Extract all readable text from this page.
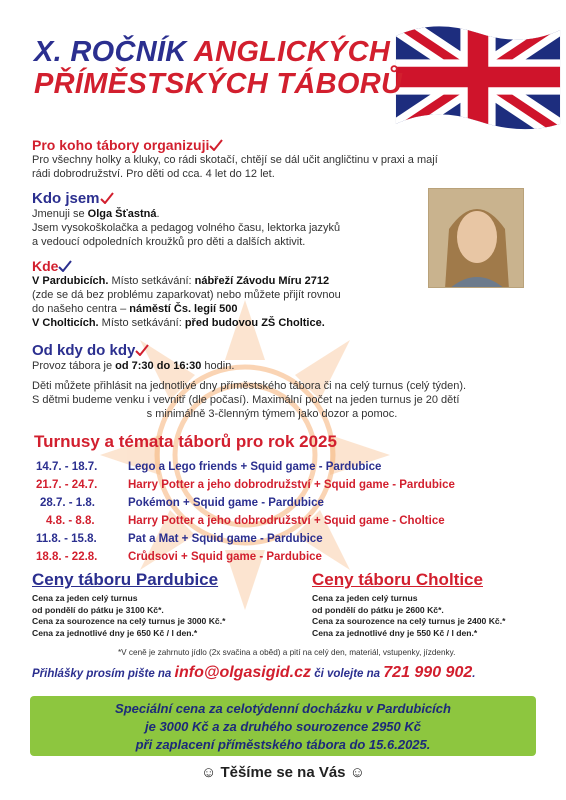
X. ROČNÍK ANGLICKÝCH
PŘÍMĚSTSKÝCH TÁBORŮ
Pro koho tábory organizuji
Pro všechny holky a kluky, co rádi skotačí, chtějí se dál učit angličtinu v praxi a mají
rádi dobrodružství. Pro děti od cca. 4 let do 12 let.
Kdo jsem
Jmenuji se Olga Šťastná.
Jsem vysokoškolačka a pedagog volného času, lektorka jazyků
a vedoucí odpoledních kroužků pro děti a dalších aktivit.
Kde
V Pardubicích. Místo setkávání: nábřeží Závodu Míru 2712
(zde se dá bez problému zaparkovat) nebo můžete přijít rovnou
do našeho centra – náměstí Čs. legií 500
V Cholticích. Místo setkávání: před budovou ZŠ Choltice.
Od kdy do kdy
Provoz tábora je od 7:30 do 16:30 hodin.
Děti můžete přihlásit na jednotlivé dny příměstského tábora či na celý turnus (celý týden).
S dětmi budeme venku i vevnitř (dle počasí). Maximální počet na jeden turnus je 20 dětí
s minimálně 3-členným týmem jako dozor a pomoc.
Turnusy a témata táborů pro rok 2025
14.7. - 18.7.	Lego a Lego friends + Squid game - Pardubice
21.7. - 24.7.	Harry Potter a jeho dobrodružství + Squid game - Pardubice
28.7. - 1.8.	Pokémon + Squid game - Pardubice
4.8. - 8.8.	Harry Potter a jeho dobrodružství + Squid game - Choltice
11.8. - 15.8.	Pat a Mat + Squid game - Pardubice
18.8. - 22.8.	Crůdsovi + Squid game - Pardubice
Ceny táboru Pardubice
Cena za jeden celý turnus
od pondělí do pátku je 3100 Kč*.
Cena za sourozence na celý turnus je 3000 Kč.*
Cena za jednotlivé dny je 650 Kč / l den.*
Ceny táboru Choltice
Cena za jeden celý turnus
od pondělí do pátku je 2600 Kč*.
Cena za sourozence na celý turnus je 2400 Kč.*
Cena za jednotlivé dny je 550 Kč / l den.*
*V ceně je zahrnuto jídlo (2x svačina a oběd) a pití na celý den, materiál, vstupenky, jízdenky.
Přihlášky prosím pište na info@olgasigid.cz či volejte na 721 990 902.
Speciální cena za celotýdenní docházku v Pardubicích
je 3000 Kč a za druhého sourozence 2950 Kč
při zaplacení příměstského tábora do 15.6.2025.
☺ Těšíme se na Vás ☺
